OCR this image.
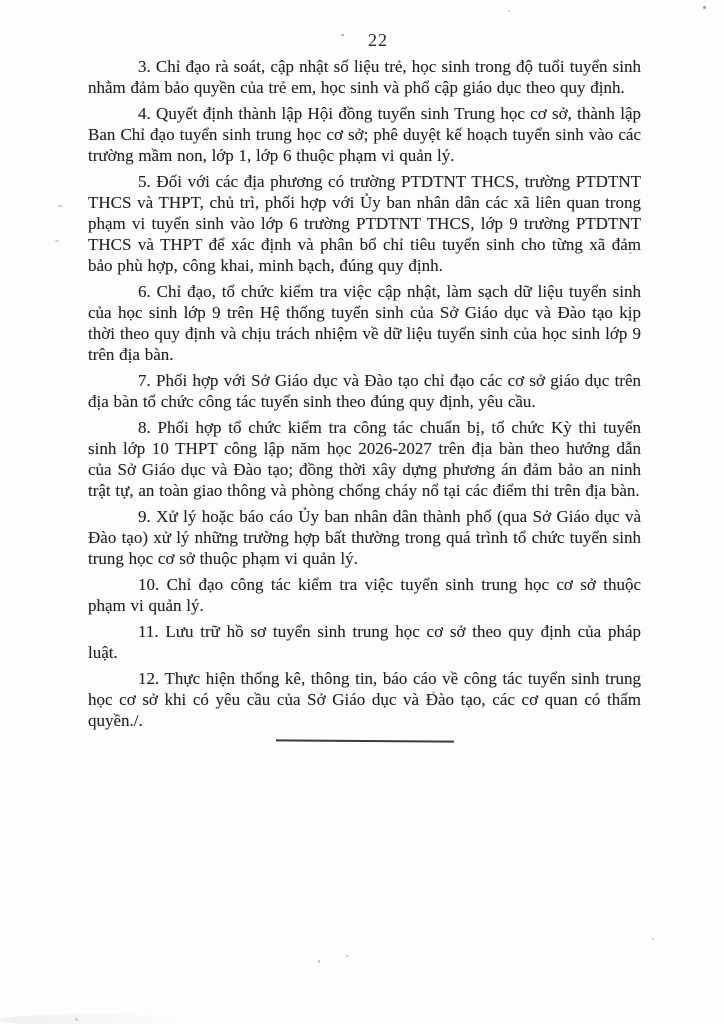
22

3. Chỉ đạo rà soát, cập nhật số liệu trẻ, học sinh trong độ tuổi tuyển sinh nhằm đảm bảo quyền của trẻ em, học sinh và phổ cập giáo dục theo quy định.

4. Quyết định thành lập Hội đồng tuyển sinh Trung học cơ sở, thành lập Ban Chỉ đạo tuyển sinh trung học cơ sở; phê duyệt kế hoạch tuyển sinh vào các trường mầm non, lớp 1, lớp 6 thuộc phạm vi quản lý.

5. Đối với các địa phương có trường PTDTNT THCS, trường PTDTNT THCS và THPT, chủ trì, phối hợp với Ủy ban nhân dân các xã liên quan trong phạm vi tuyển sinh vào lớp 6 trường PTDTNT THCS, lớp 9 trường PTDTNT THCS và THPT để xác định và phân bổ chỉ tiêu tuyển sinh cho từng xã đảm bảo phù hợp, công khai, minh bạch, đúng quy định.

6. Chỉ đạo, tổ chức kiểm tra việc cập nhật, làm sạch dữ liệu tuyển sinh của học sinh lớp 9 trên Hệ thống tuyển sinh của Sở Giáo dục và Đào tạo kịp thời theo quy định và chịu trách nhiệm về dữ liệu tuyển sinh của học sinh lớp 9 trên địa bàn.

7. Phối hợp với Sở Giáo dục và Đào tạo chỉ đạo các cơ sở giáo dục trên địa bàn tổ chức công tác tuyển sinh theo đúng quy định, yêu cầu.

8. Phối hợp tổ chức kiểm tra công tác chuẩn bị, tổ chức Kỳ thi tuyển sinh lớp 10 THPT công lập năm học 2026-2027 trên địa bàn theo hướng dẫn của Sở Giáo dục và Đào tạo; đồng thời xây dựng phương án đảm bảo an ninh trật tự, an toàn giao thông và phòng chống cháy nổ tại các điểm thi trên địa bàn.

9. Xử lý hoặc báo cáo Ủy ban nhân dân thành phố (qua Sở Giáo dục và Đào tạo) xử lý những trường hợp bất thường trong quá trình tổ chức tuyển sinh trung học cơ sở thuộc phạm vi quản lý.

10. Chỉ đạo công tác kiểm tra việc tuyển sinh trung học cơ sở thuộc phạm vi quản lý.

11. Lưu trữ hồ sơ tuyển sinh trung học cơ sở theo quy định của pháp luật.

12. Thực hiện thống kê, thông tin, báo cáo về công tác tuyển sinh trung học cơ sở khi có yêu cầu của Sở Giáo dục và Đào tạo, các cơ quan có thẩm quyền./.
